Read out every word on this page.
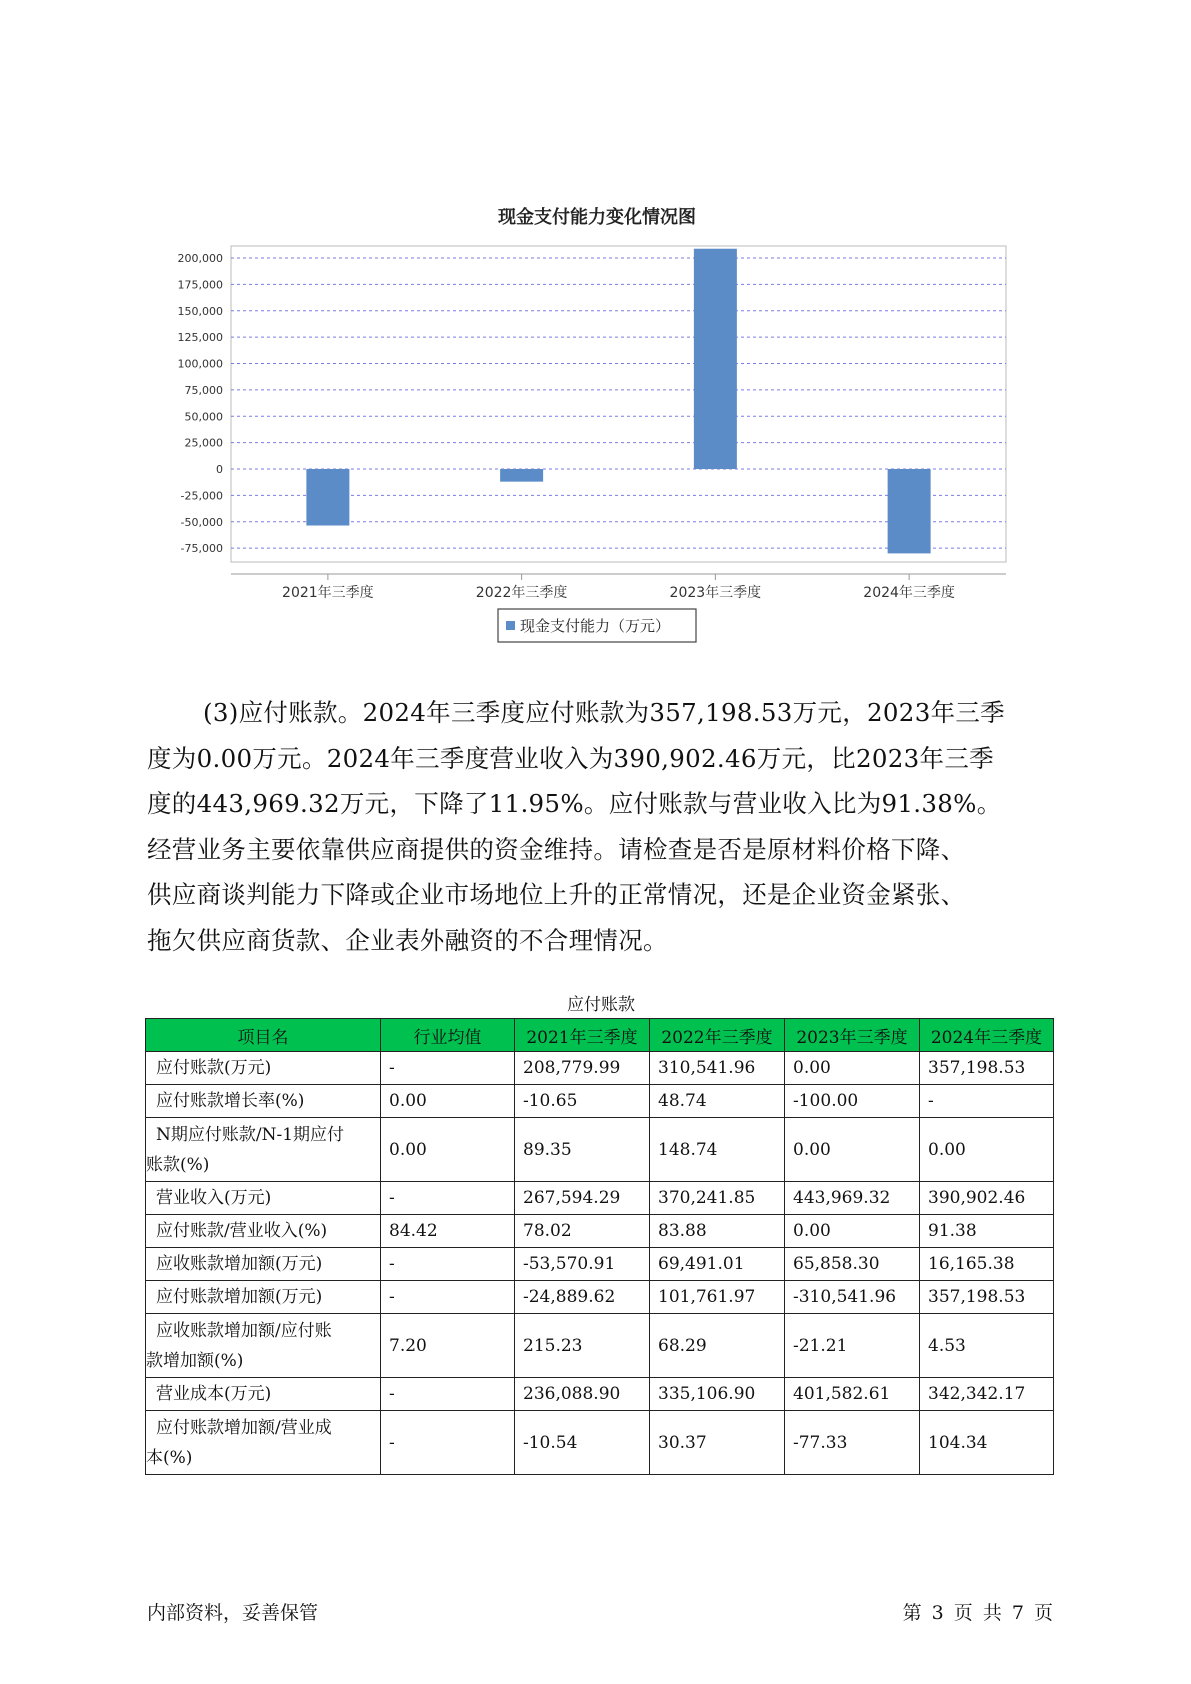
现金支付能力变化情况图
200,000
175,000
150,000
125,000
100,000
75,000
50,000
25,000
0
-25,000
-50,000
-75,000
2021年三季度	2022年三季度	2023年三季度	2024年三季度
现金支付能力（万元）
(3)应付账款。2024年三季度应付账款为357,198.53万元，2023年三季
度为0.00万元。2024年三季度营业收入为390,902.46万元，比2023年三季
度的443,969.32万元，下降了11.95%。应付账款与营业收入比为91.38%。
经营业务主要依靠供应商提供的资金维持。请检查是否是原材料价格下降、
供应商谈判能力下降或企业市场地位上升的正常情况，还是企业资金紧张、
拖欠供应商货款、企业表外融资的不合理情况。
应付账款
项目名	行业均值	2021年三季度	2022年三季度	2023年三季度	2024年三季度
应付账款(万元)	-	208,779.99	310,541.96	0.00	357,198.53
应付账款增长率(%)	0.00	-10.65	48.74	-100.00	-
N期应付账款/N-1期应付
账款(%)	0.00	89.35	148.74	0.00	0.00
营业收入(万元)	-	267,594.29	370,241.85	443,969.32	390,902.46
应付账款/营业收入(%)	84.42	78.02	83.88	0.00	91.38
应收账款增加额(万元)	-	-53,570.91	69,491.01	65,858.30	16,165.38
应付账款增加额(万元)	-	-24,889.62	101,761.97	-310,541.96	357,198.53
应收账款增加额/应付账
款增加额(%)	7.20	215.23	68.29	-21.21	4.53
营业成本(万元)	-	236,088.90	335,106.90	401,582.61	342,342.17
应付账款增加额/营业成
本(%)	-	-10.54	30.37	-77.33	104.34
内部资料，妥善保管	第 3 页 共 7 页
